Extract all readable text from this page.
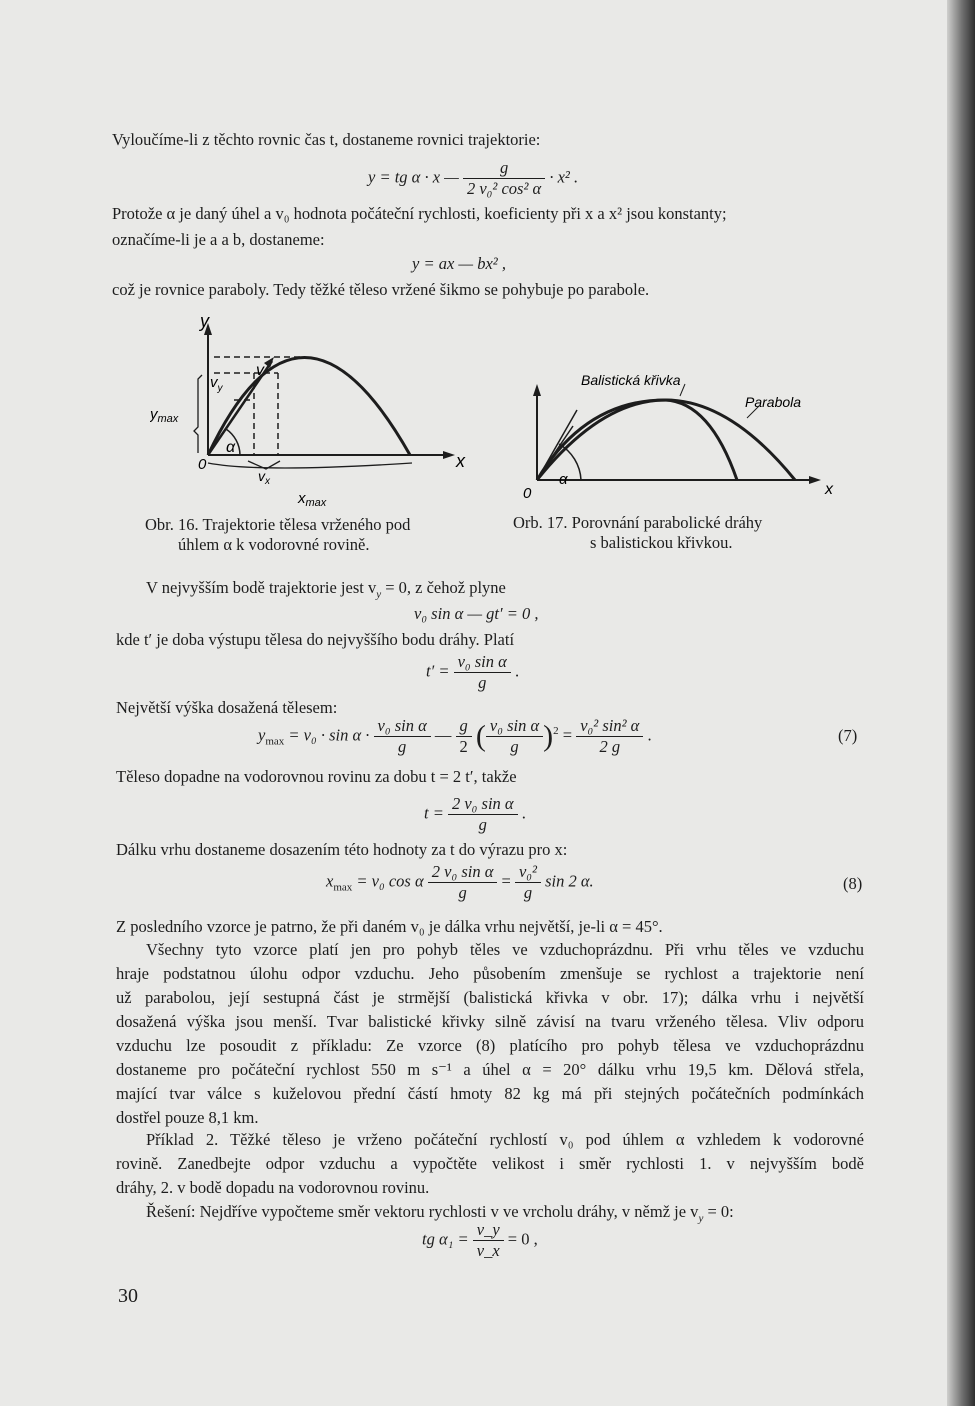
Vyloučíme-li z těchto rovnic čas t, dostaneme rovnici trajektorie:
y = tg α · x — $\frac{g}{\text{2 v₀² cos² α}} \cdot x^2$ .
Protože α je daný úhel a v₀ hodnota počáteční rychlosti, koeficienty při x a x² jsou konstanty;
označíme-li je a a b, dostaneme:
y = ax — bx² ,
což je rovnice paraboly. Tedy těžké těleso vržené šikmo se pohybuje po parabole.
y
x
0
$v_y$
v
α
$v_x$
$y_{max}$
$x_{max}$
Balistická křivka
Parabola
α
0	x
Obr. 16. Trajektorie tělesa vrženého pod
úhlem α k vodorovné rovině.
Orb. 17. Porovnání parabolické dráhy
s balistickou křivkou.
V nejvyšším bodě trajektorie jest $v_y = 0$, z čehož plyne
v₀ sin α — gt′ = 0 ,
kde t′ je doba výstupu tělesa do nejvyššího bodu dráhy. Platí
$t' = \frac{\text{v₀ sin α}}{g}$ .
Největší výška dosažená tělesem:
$y_{max} = v_0 \cdot \sin \alpha \cdot \frac{\text{v₀ sin α}}{g}$ — $\frac{g}{2}$ ( $\frac{\text{v₀ sin α}}{g} )^2 = \frac{\text{v₀² sin² α}}{2 g}$ .	(7)
Těleso dopadne na vodorovnou rovinu za dobu t = 2 t′, takže
$t = \frac{\text{2 v₀ sin α}}{g}$ .
Dálku vrhu dostaneme dosazením této hodnoty za t do výrazu pro x:
$x_{max} = v_0$ cos α $\frac{\text{2 v₀ sin α}}{g} = \frac{\text{v₀²}}{g}$ sin 2 α.	(8)
Z posledního vzorce je patrno, že při daném v₀ je dálka vrhu největší, je-li α = 45°.
Všechny tyto vzorce platí jen pro pohyb těles ve vzduchoprázdnu. Při vrhu těles ve vzduchu
hraje podstatnou úlohu odpor vzduchu. Jeho působením zmenšuje se rychlost a trajektorie není
už parabolou, její sestupná část je strmější (balistická křivka v obr. 17); dálka vrhu i největší
dosažená výška jsou menší. Tvar balistické křivky silně závisí na tvaru vrženého tělesa. Vliv odporu
vzduchu lze posoudit z příkladu: Ze vzorce (8) platícího pro pohyb tělesa ve vzduchoprázdnu
dostaneme pro počáteční rychlost 550 m s⁻¹ a úhel α = 20° dálku vrhu 19,5 km. Dělová střela,
mající tvar válce s kuželovou přední částí hmoty 82 kg má při stejných počátečních podmínkách
dostřel pouze 8,1 km.
Příklad 2. Těžké těleso je vrženo počáteční rychlostí v₀ pod úhlem α vzhledem k vodorovné
rovině. Zanedbejte odpor vzduchu a vypočtěte velikost i směr rychlosti 1. v nejvyšším bodě
dráhy, 2. v bodě dopadu na vodorovnou rovinu.
Řešení: Nejdříve vypočteme směr vektoru rychlosti v ve vrcholu dráhy, v němž je $v_y = 0$:
tg $\alpha_1 = \frac{v\_y}{v\_x} = 0$ ,
30
